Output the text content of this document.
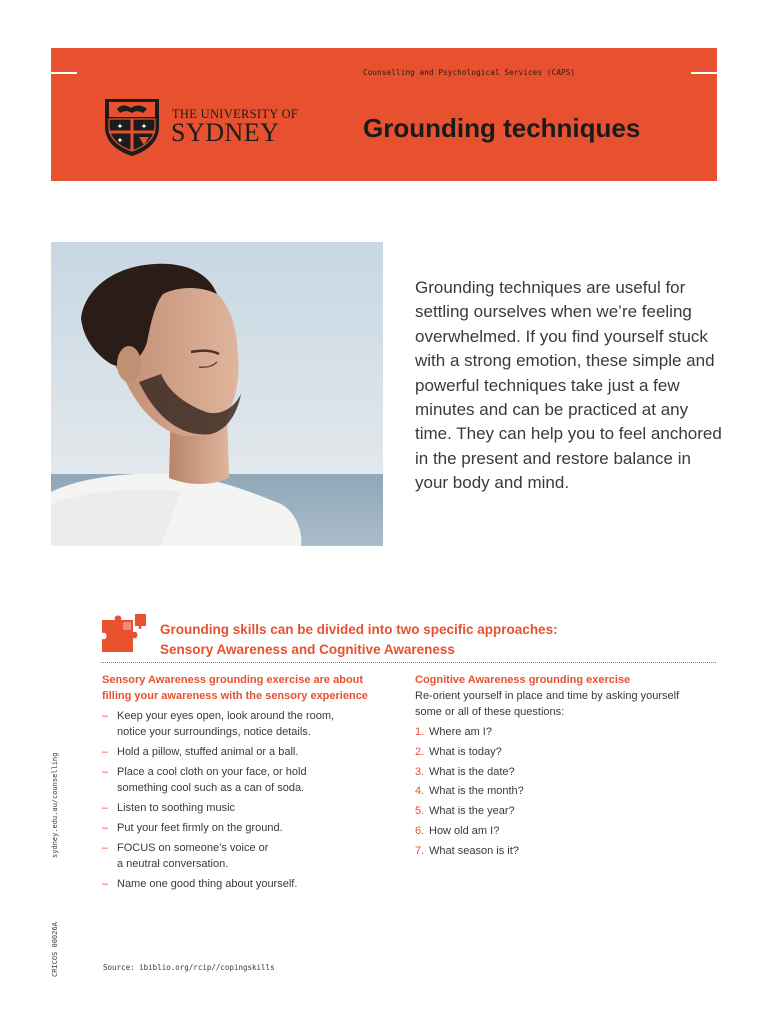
Counselling and Psychological Services (CAPS)
✦ ✦
✦
THE UNIVERSITY OF
SYDNEY	Grounding techniques
Grounding techniques are useful for settling ourselves when we’re feeling overwhelmed. If you find yourself stuck with a strong emotion, these simple and powerful techniques take just a few minutes and can be practiced at any time. They can help you to feel anchored in the present and restore balance in your body and mind.
Grounding skills can be divided into two specific approaches:
Sensory Awareness and Cognitive Awareness
Sensory Awareness grounding exercise are about
filling your awareness with the sensory experience
– Keep your eyes open, look around the room,
notice your surroundings, notice details.
– Hold a pillow, stuffed animal or a ball.
– Place a cool cloth on your face, or hold
something cool such as a can of soda.
– Listen to soothing music
– Put your feet firmly on the ground.
– FOCUS on someone’s voice or
a neutral conversation.
– Name one good thing about yourself.
Cognitive Awareness grounding exercise
Re-orient yourself in place and time by asking yourself
some or all of these questions:
1. Where am I?
2. What is today?
3. What is the date?
4. What is the month?
5. What is the year?
6. How old am I?
7. What season is it?
Source: ibiblio.org/rcip//copingskills
sydney.edu.au/counselling
CRICOS 00026A
